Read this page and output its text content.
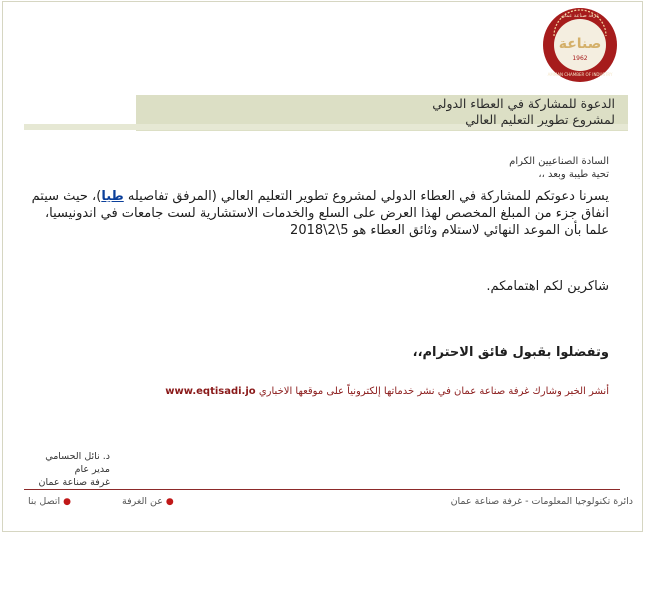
صناعة
1962
AMMAN CHAMBER OF INDUSTRY
غرفة صناعة عمان
الدعوة للمشاركة في العطاء الدولي
لمشروع تطوير التعليم العالي
السادة الصناعيين الكرام
تحية طيبة وبعد ،،
يسرنا دعوتكم للمشاركة في العطاء الدولي لمشروع تطوير التعليم العالي (المرفق تفاصيله طيا)، حيث سيتم انفاق جزء من المبلغ المخصص لهذا العرض على السلع والخدمات الاستشارية لست جامعات في اندونيسيا، علما بأن الموعد النهائي لاستلام وثائق العطاء هو 5\2\2018
شاكرين لكم اهتمامكم.
وتفضلوا بقبول فائق الاحترام،،
أنشر الخبر وشارك غرفة صناعة عمان في نشر خدماتها إلكترونياً على موقعها الاخباري www.eqtisadi.jo
د. نائل الحسامي
مدير عام
غرفة صناعة عمان
دائرة تكنولوجيا المعلومات - غرفة صناعة عمان
●عن الغرفة
●اتصل بنا
